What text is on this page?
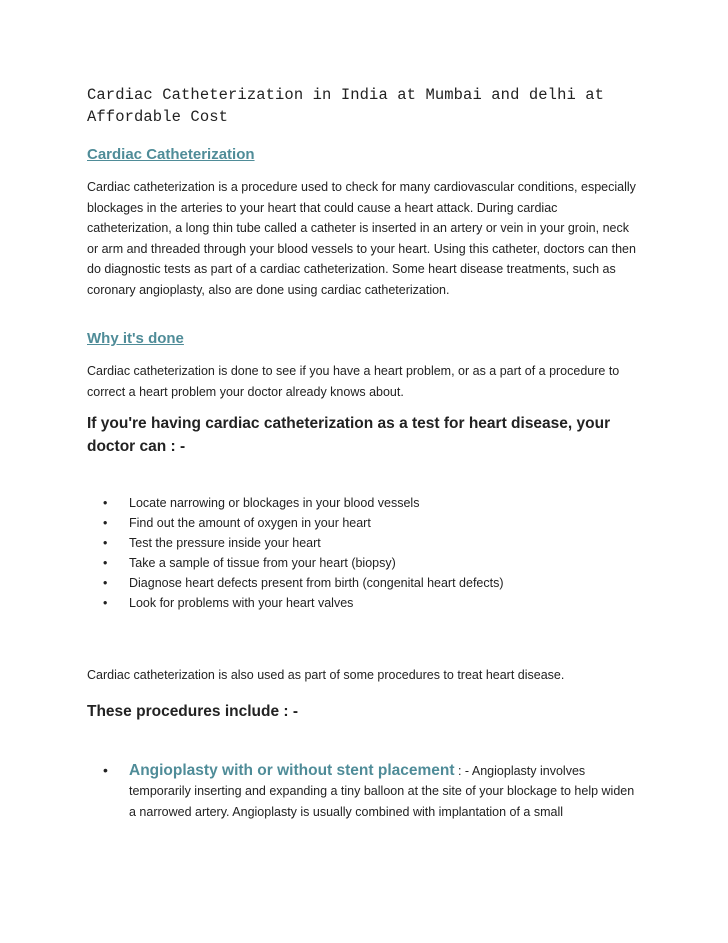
Cardiac Catheterization in India at Mumbai and delhi at Affordable Cost

Cardiac Catheterization

Cardiac catheterization is a procedure used to check for many cardiovascular conditions, especially blockages in the arteries to your heart that could cause a heart attack. During cardiac catheterization, a long thin tube called a catheter is inserted in an artery or vein in your groin, neck or arm and threaded through your blood vessels to your heart. Using this catheter, doctors can then do diagnostic tests as part of a cardiac catheterization. Some heart disease treatments, such as coronary angioplasty, also are done using cardiac catheterization.

Why it's done

Cardiac catheterization is done to see if you have a heart problem, or as a part of a procedure to correct a heart problem your doctor already knows about.

If you're having cardiac catheterization as a test for heart disease, your doctor can : -

• Locate narrowing or blockages in your blood vessels
• Find out the amount of oxygen in your heart
• Test the pressure inside your heart
• Take a sample of tissue from your heart (biopsy)
• Diagnose heart defects present from birth (congenital heart defects)
• Look for problems with your heart valves

Cardiac catheterization is also used as part of some procedures to treat heart disease.

These procedures include : -

• Angioplasty with or without stent placement : - Angioplasty involves temporarily inserting and expanding a tiny balloon at the site of your blockage to help widen a narrowed artery. Angioplasty is usually combined with implantation of a small
